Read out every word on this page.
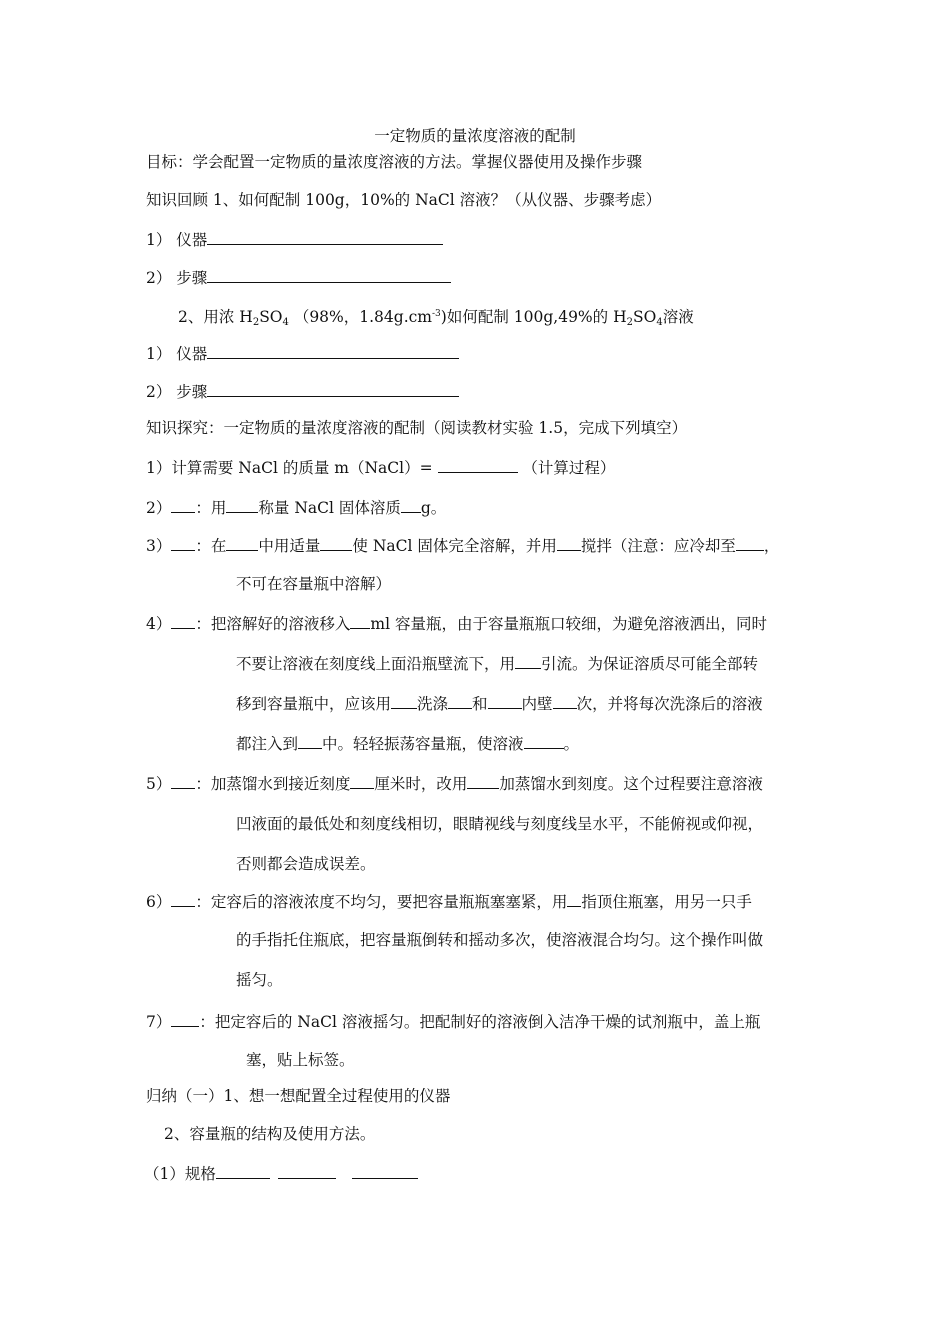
一定物质的量浓度溶液的配制
目标：学会配置一定物质的量浓度溶液的方法。掌握仪器使用及操作步骤
知识回顾 1、如何配制 100g，10%的 NaCl 溶液？（从仪器、步骤考虑）
1） 仪器
2） 步骤
2、用浓 $H_2SO_4$ （98%，$1.84g.cm^{-3}$)如何配制 100g,49%的 $H_2SO_4$溶液
1） 仪器
2） 步骤
知识探究：一定物质的量浓度溶液的配制（阅读教材实验 1.5，完成下列填空）
1）计算需要 NaCl 的质量 m（NaCl）=	（计算过程）
2） ：用 称量 NaCl 固体溶质 g。
3） ：在 中用适量 使 NaCl 固体完全溶解，并用 搅拌（注意：应冷却至 ，
不可在容量瓶中溶解）
4） ：把溶解好的溶液移入 ml 容量瓶，由于容量瓶瓶口较细，为避免溶液洒出，同时
不要让溶液在刻度线上面沿瓶壁流下，用 引流。为保证溶质尽可能全部转
移到容量瓶中，应该用 洗涤 和 内壁 次，并将每次洗涤后的溶液
都注入到 中。轻轻振荡容量瓶，使溶液	。
5） ：加蒸馏水到接近刻度 厘米时，改用 加蒸馏水到刻度。这个过程要注意溶液
凹液面的最低处和刻度线相切，眼睛视线与刻度线呈水平，不能俯视或仰视，
否则都会造成误差。
6） ：定容后的溶液浓度不均匀，要把容量瓶瓶塞塞紧，用 指顶住瓶塞，用另一只手
的手指托住瓶底，把容量瓶倒转和摇动多次，使溶液混合均匀。这个操作叫做
摇匀。
7） ：把定容后的 NaCl 溶液摇匀。把配制好的溶液倒入洁净干燥的试剂瓶中，盖上瓶
塞，贴上标签。
归纳（一）1、想一想配置全过程使用的仪器
2、容量瓶的结构及使用方法。
（1）规格
